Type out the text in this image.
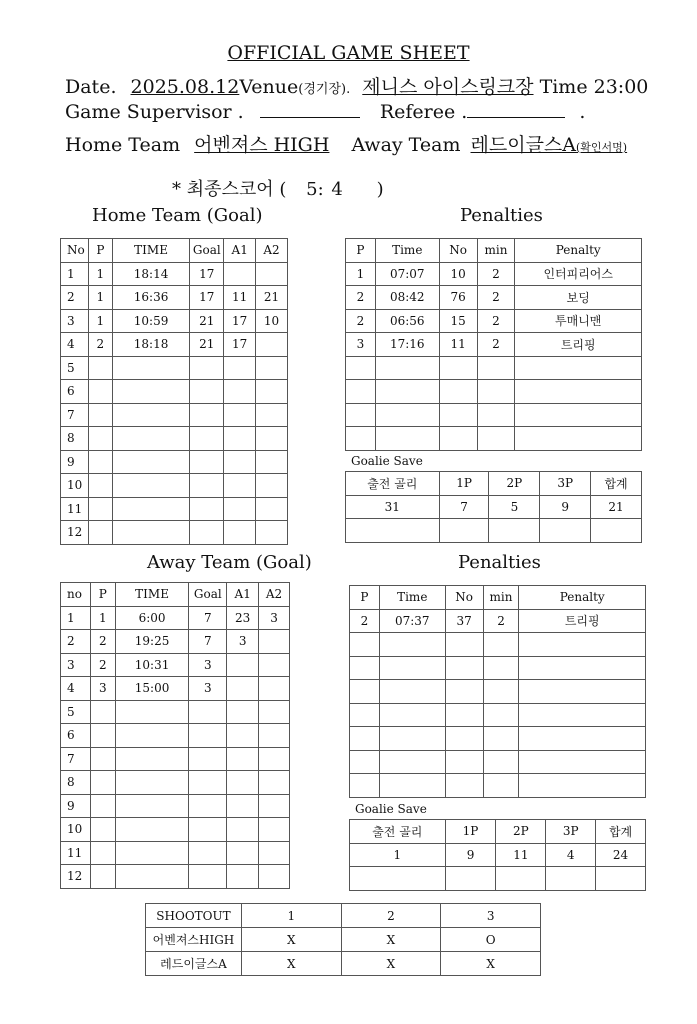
OFFICIAL GAME SHEET
Date. 2025.08.12Venue(경기장). 제니스 아이스링크장 Time 23:00
Game Supervisor .	Referee .	.
Home Team 어벤져스 HIGH Away Team 레드이글스A(확인서명)
* 최종스코어 ( 5: 4 )
Home Team (Goal)	Penalties
No	P	TIME	Goal	A1	A2
1	1	18:14	17		
2	1	16:36	17	11	21
3	1	10:59	21	17	10
4	2	18:18	21	17	
5					
6					
7					
8					
9					
10					
11					
12					
P	Time	No	min	Penalty
1	07:07	10	2	인터피리어스
2	08:42	76	2	보딩
2	06:56	15	2	투매니맨
3	17:16	11	2	트리핑

Goalie Save
출전 골리	1P	2P	3P	합계
31	7	5	9	21

Away Team (Goal)	Penalties
no	P	TIME	Goal	A1	A2
1	1	6:00	7	23	3
2	2	19:25	7	3	
3	2	10:31	3		
4	3	15:00	3		
5					
6					
7					
8					
9					
10					
11					
12					
P	Time	No	min	Penalty
2	07:37	37	2	트리핑

Goalie Save
출전 골리	1P	2P	3P	합계
1	9	11	4	24

SHOOTOUT	1	2	3
어벤져스HIGH	X	X	O
레드이글스A	X	X	X
